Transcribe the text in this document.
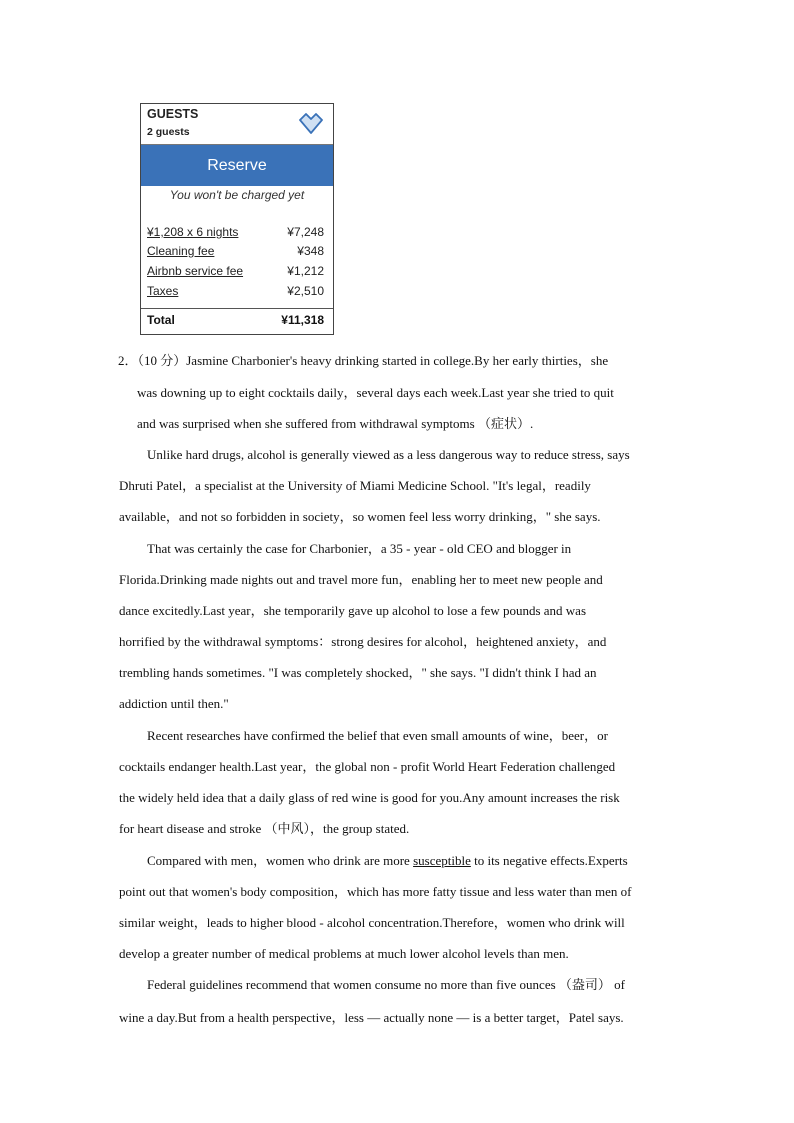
GUESTS
2 guests
Reserve
You won't be charged yet
¥1,208 x 6 nights	¥7,248
Cleaning fee	¥348
Airbnb service fee	¥1,212
Taxes	¥2,510
Total	¥11,318
2．（10 分）Jasmine Charbonier's heavy drinking started in college.By her early thirties，she
was downing up to eight cocktails daily，several days each week.Last year she tried to quit
and was surprised when she suffered from withdrawal symptoms （症状）.
Unlike hard drugs, alcohol is generally viewed as a less dangerous way to reduce stress, says
Dhruti Patel，a specialist at the University of Miami Medicine School. "It's legal，readily
available，and not so forbidden in society，so women feel less worry drinking，" she says.
That was certainly the case for Charbonier，a 35 - year - old CEO and blogger in
Florida.Drinking made nights out and travel more fun，enabling her to meet new people and
dance excitedly.Last year，she temporarily gave up alcohol to lose a few pounds and was
horrified by the withdrawal symptoms：strong desires for alcohol，heightened anxiety，and
trembling hands sometimes. "I was completely shocked，" she says. "I didn't think I had an
addiction until then."
Recent researches have confirmed the belief that even small amounts of wine，beer，or
cocktails endanger health.Last year，the global non - profit World Heart Federation challenged
the widely held idea that a daily glass of red wine is good for you.Any amount increases the risk
for heart disease and stroke （中风），the group stated.
Compared with men，women who drink are more susceptible to its negative effects.Experts
point out that women's body composition，which has more fatty tissue and less water than men of
similar weight，leads to higher blood - alcohol concentration.Therefore，women who drink will
develop a greater number of medical problems at much lower alcohol levels than men.
Federal guidelines recommend that women consume no more than five ounces （盎司） of
wine a day.But from a health perspective，less — actually none — is a better target，Patel says.
